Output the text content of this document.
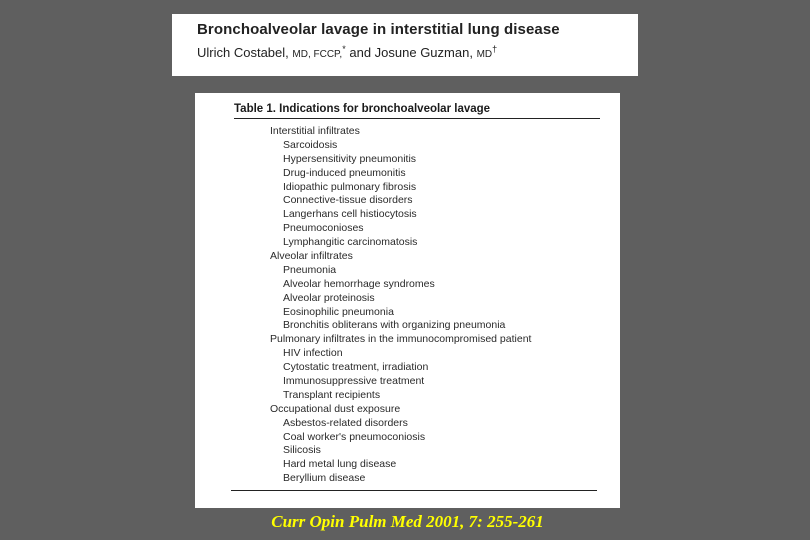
Bronchoalveolar lavage in interstitial lung disease
Ulrich Costabel, MD, FCCP,* and Josune Guzman, MD†
Table 1. Indications for bronchoalveolar lavage
Interstitial infiltrates
Sarcoidosis
Hypersensitivity pneumonitis
Drug-induced pneumonitis
Idiopathic pulmonary fibrosis
Connective-tissue disorders
Langerhans cell histiocytosis
Pneumoconioses
Lymphangitic carcinomatosis
Alveolar infiltrates
Pneumonia
Alveolar hemorrhage syndromes
Alveolar proteinosis
Eosinophilic pneumonia
Bronchitis obliterans with organizing pneumonia
Pulmonary infiltrates in the immunocompromised patient
HIV infection
Cytostatic treatment, irradiation
Immunosuppressive treatment
Transplant recipients
Occupational dust exposure
Asbestos-related disorders
Coal worker's pneumoconiosis
Silicosis
Hard metal lung disease
Beryllium disease
Curr Opin Pulm Med 2001, 7: 255-261
